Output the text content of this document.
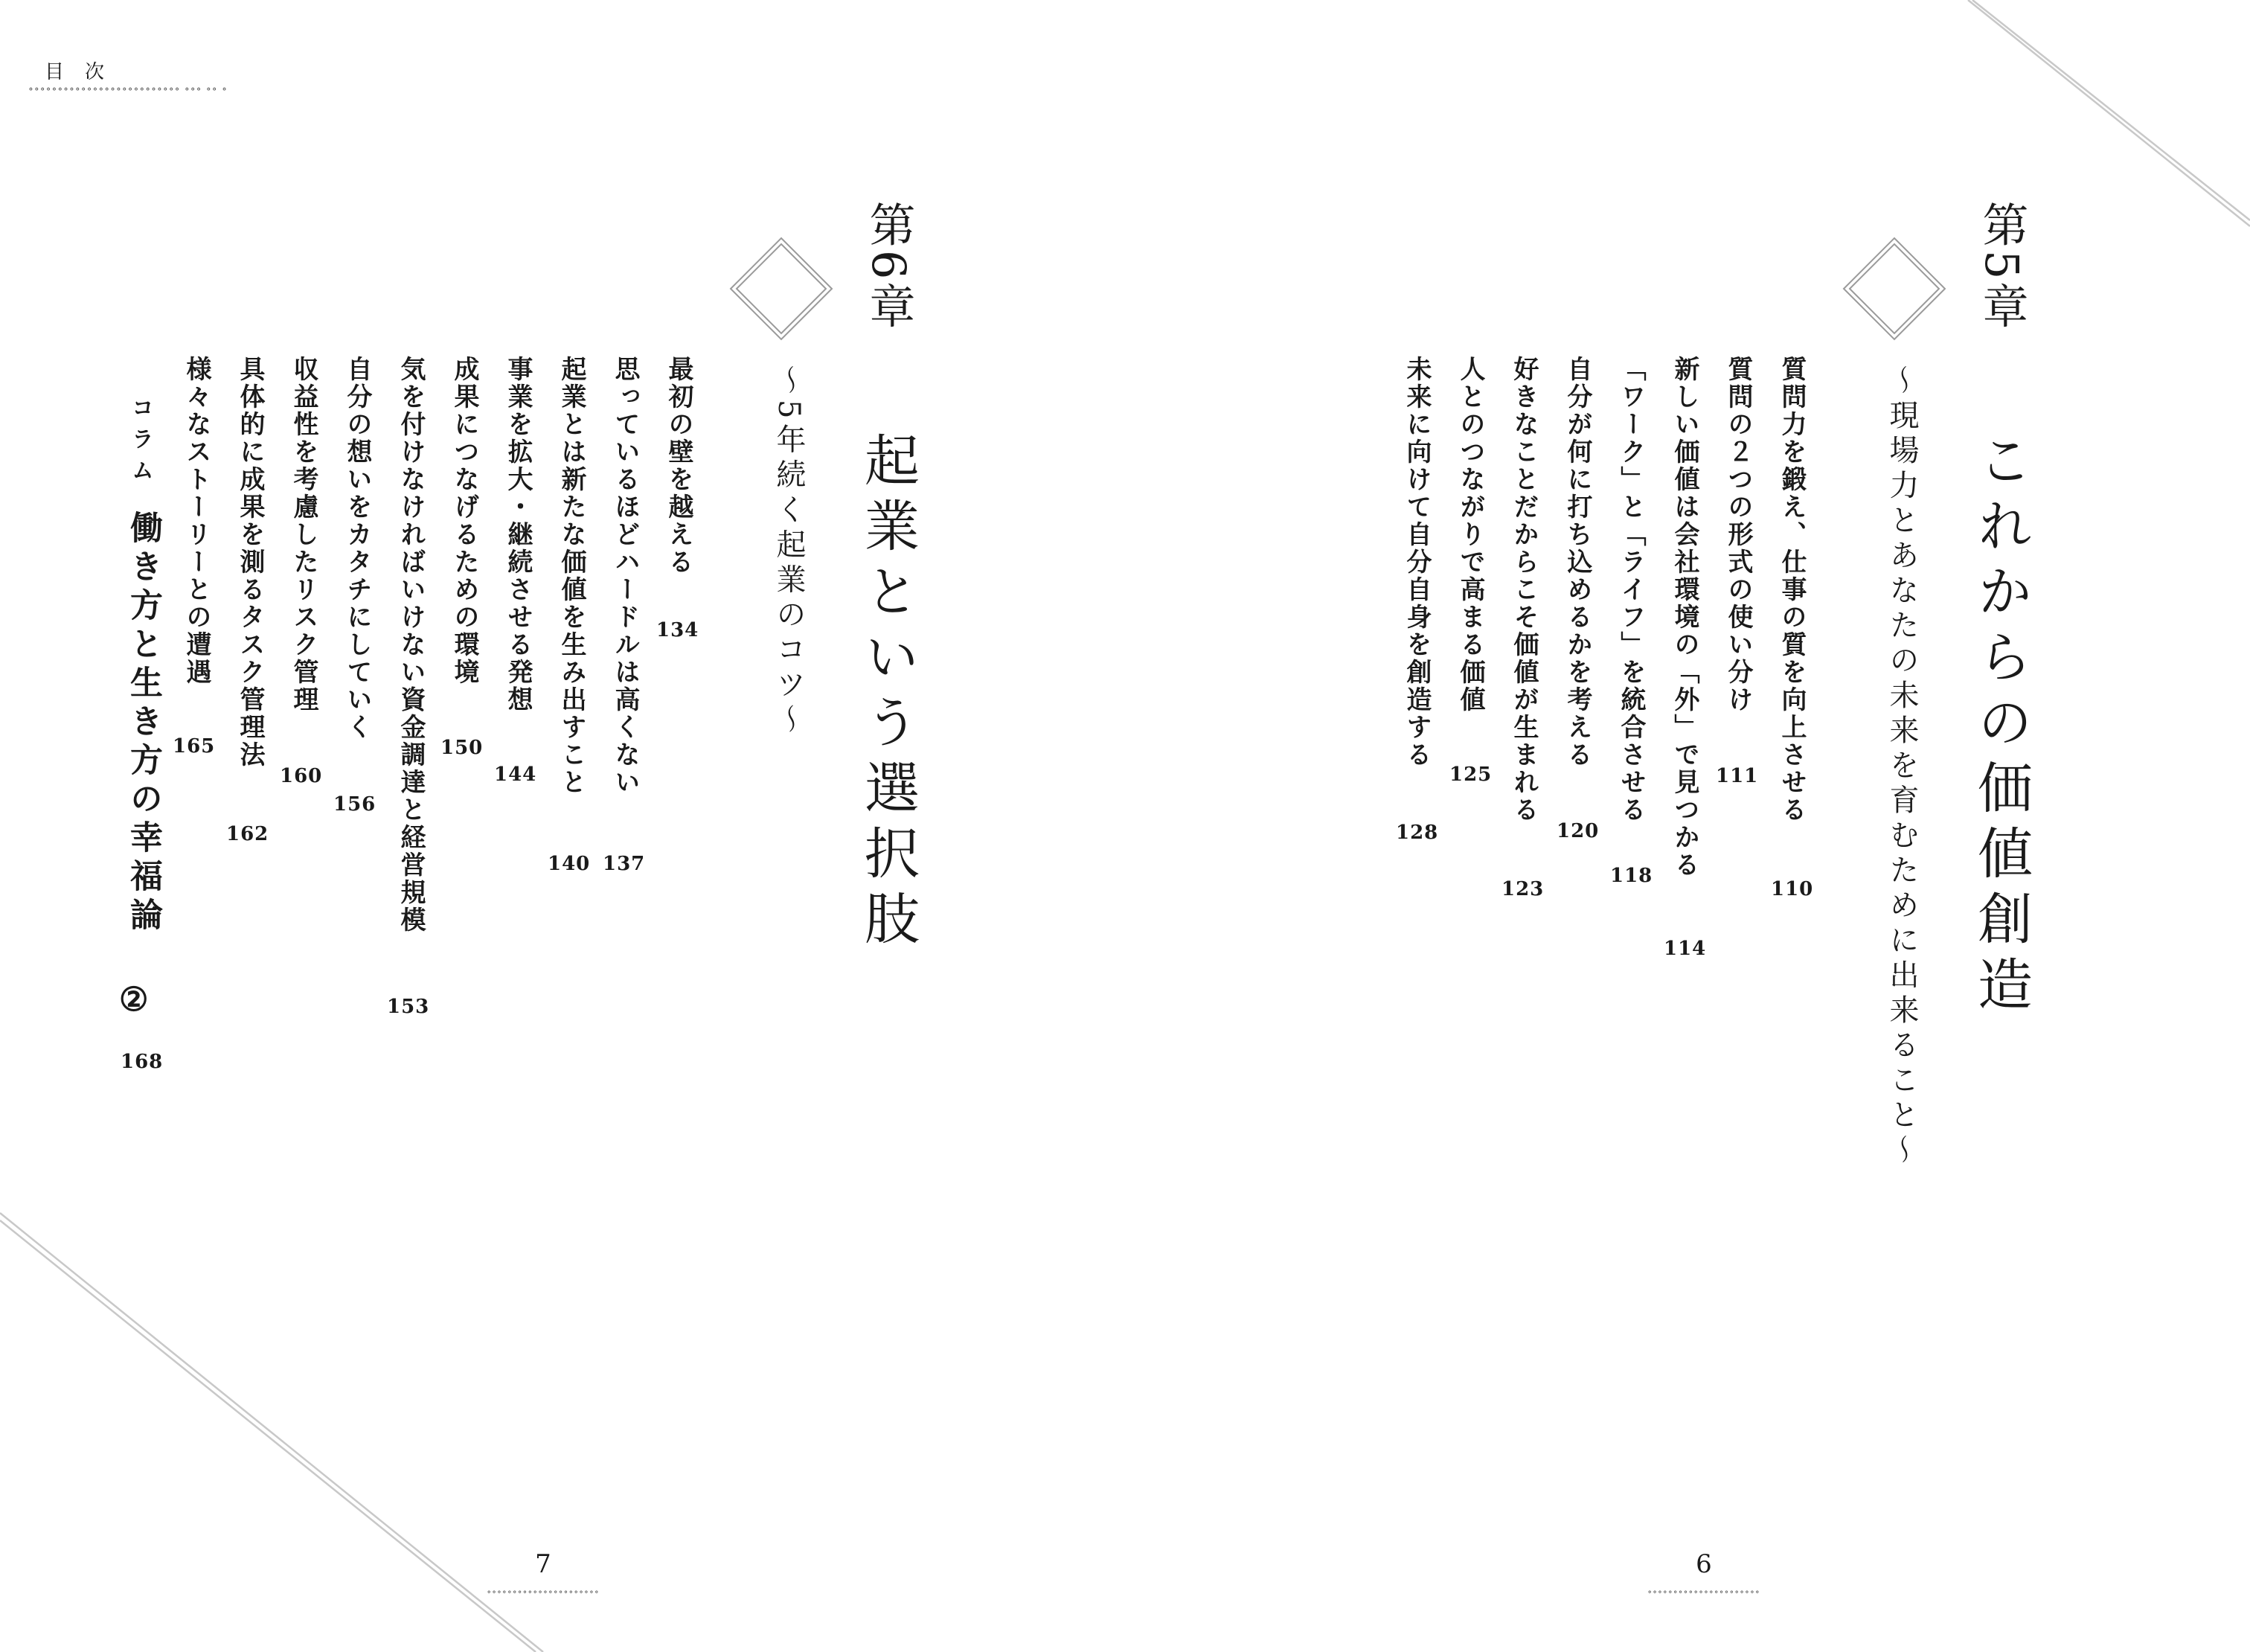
目次
∘∘∘∘∘∘∘∘∘∘∘∘∘∘∘∘∘∘∘∘∘∘∘∘∘∘ ∘∘∘ ∘∘ ∘
第5章
これからの価値創造
～現場力とあなたの未来を育むために出来ること～
質問力を鍛え、仕事の質を向上させる
110
質問の２つの形式の使い分け
111
新しい価値は会社環境の「外」で見つかる
114
「ワーク」と「ライフ」を統合させる
118
自分が何に打ち込めるかを考える
120
好きなことだからこそ価値が生まれる
123
人とのつながりで高まる価値
125
未来に向けて自分自身を創造する
128
第6章
起業という選択肢
～5年続く起業のコツ～
最初の壁を越える
134
思っているほどハードルは高くない
137
起業とは新たな価値を生み出すこと
140
事業を拡大・継続させる発想
144
成果につなげるための環境
150
気を付けなければいけない資金調達と経営規模
153
自分の想いをカタチにしていく
156
収益性を考慮したリスク管理
160
具体的に成果を測るタスク管理法
162
様々なストーリーとの遭遇
165
コラム
働き方と生き方の幸福論
②
168
7
∘∘∘∘∘∘∘∘∘∘∘∘∘∘∘∘∘∘∘∘∘∘
6
∘∘∘∘∘∘∘∘∘∘∘∘∘∘∘∘∘∘∘∘∘∘
